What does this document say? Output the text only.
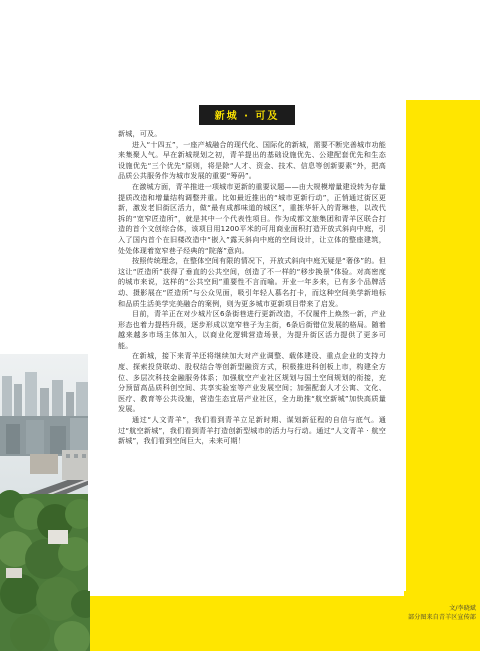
新城 · 可及

新城，可及。

进入“十四五”，一座产城融合的现代化、国际化的新城，需要不断完善城市功能来集聚人气。早在新城规划之初，青羊提出的基础设施优先、公建配套优先和生态设施优先“三个优先”原则，将是除“人才、资金、技术、信息等创新要素”外，把高品质公共服务作为城市发展的重要“筹码”。

在激城方面，青羊推进一项城市更新的重要议题——由大规模增量建设转为存量提质改造和增量结构调整并重。比如最近推出的“城市更新行动”，正悄通过街区更新，激发老旧街区活力，做“最有成都味道的城区”，重拣华轩入的青琳巷，以改代拆的“宽窄匠造所”，就是其中一个代表性项目。作为成都文旅集团和青羊区联合打造的首个文创综合体，该项目用1200平米的可用商业面积打造开放式斜向中庭，引入了国内首个在旧楼改造中“嵌入”露天斜向中庭的空间设计，让立体的整座建筑，处处体现着宽窄巷子经典的“院落”意向。

按照传统理念，在整体空间有限的情况下，开放式斜向中庭无疑是“奢侈”的。但这让“匠造所”获得了垂直的公共空间，创造了不一样的“移步换景”体验。对高密度的城市来说，这样的“公共空间”重要性不言而喻。开业一年多来，已有多个品牌活动、摄影展在“匠造所”与公众见面，吸引年轻人慕名打卡，而这种空间美学新地标和品质生活美学完美融合的案例，则为更多城市更新项目带来了启发。

目前，青羊正在对少城片区6条街巷进行更新改造，不仅履件上焕然一新，产业形态也着力提档升级，逐步形成以宽窄巷子为主街，6条后街错位发展的格局。随着越来越多市场主体加入，以商业化逻辑营造场景，为提升街区活力提供了更多可能。

在新城，接下来青羊还将继续加大对产业调整、载体建设、重点企业的支持力度、探索投贷联动、股权结合等创新型融资方式，积极推进科创板上市，构建全方位、多层次科技金融服务体系；加强航空产业社区规划与国土空间规划的衔接，充分预留高品质科创空间、共享实验室等产业发展空间；加强配套人才公寓、文化、医疗、教育等公共设施，营造生态宜居产业社区，全力助推“航空新城”加快高质量发展。

通过“人文青羊”，我们看到青羊立足新时期、谋划新征程的自信与底气。通过“航空新城”，我们看到青羊打造创新型城市的活力与行动。通过“人文青羊 · 航空新城”，我们看到空间巨大，未来可期！

文/李晓斌
部分图来自青羊区宣传部
